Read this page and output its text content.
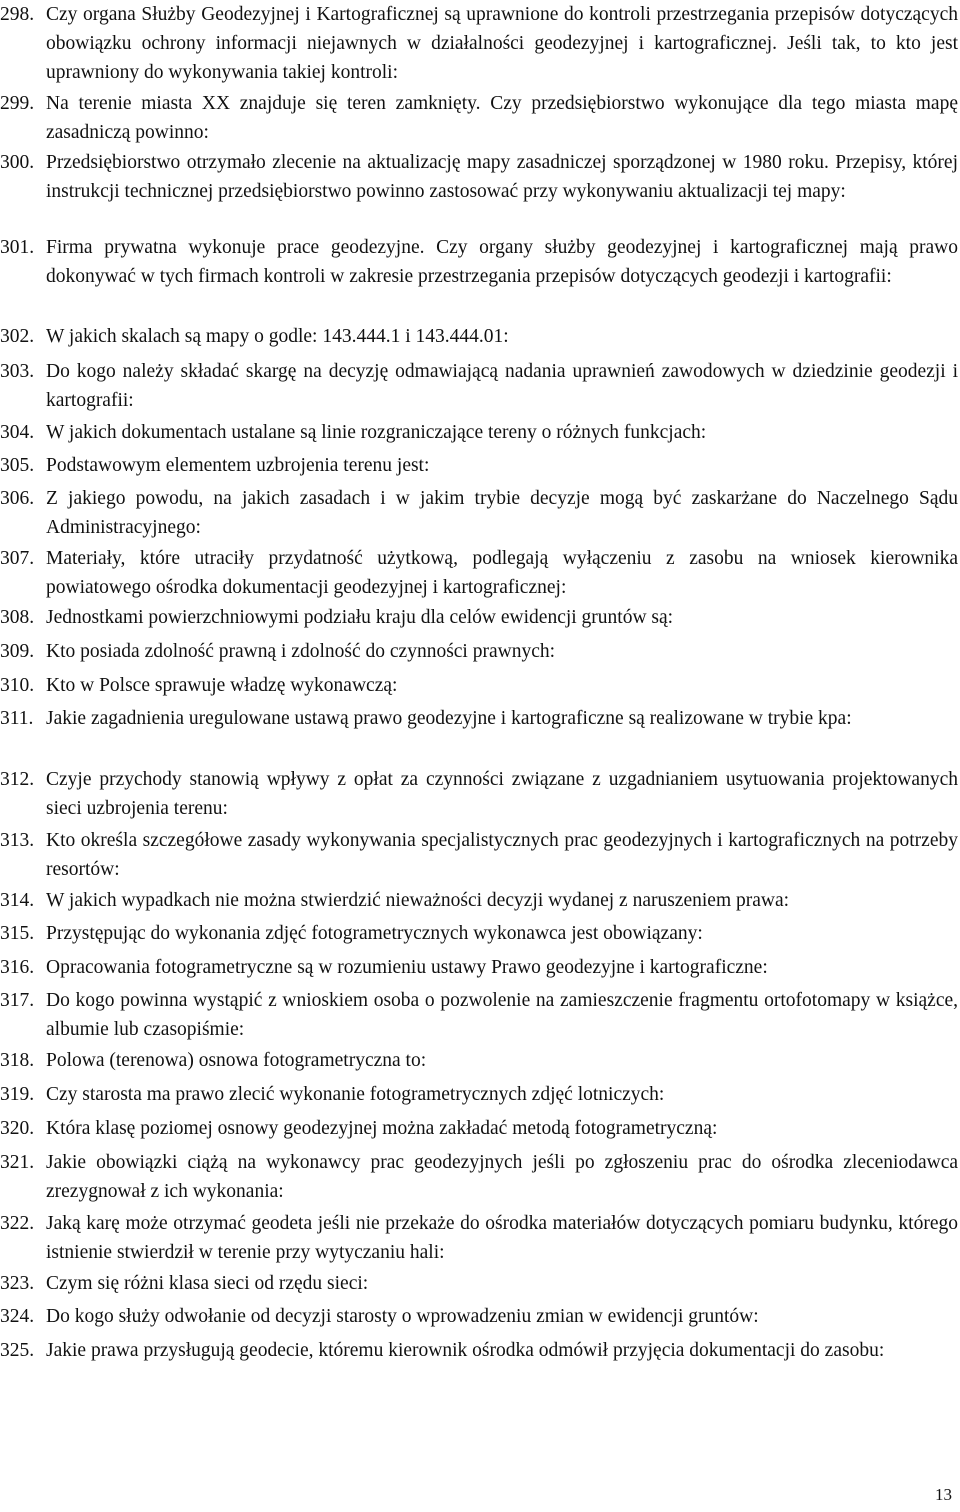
298. Czy organa Służby Geodezyjnej i Kartograficznej są uprawnione do kontroli przestrzegania przepisów dotyczących obowiązku ochrony informacji niejawnych w działalności geodezyjnej i kartograficznej. Jeśli tak, to kto jest uprawniony do wykonywania takiej kontroli:
299. Na terenie miasta XX znajduje się teren zamknięty. Czy przedsiębiorstwo wykonujące dla tego miasta mapę zasadniczą powinno:
300. Przedsiębiorstwo otrzymało zlecenie na aktualizację mapy zasadniczej sporządzonej w 1980 roku. Przepisy, której instrukcji technicznej przedsiębiorstwo powinno zastosować przy wykonywaniu aktualizacji tej mapy:
301. Firma prywatna wykonuje prace geodezyjne. Czy organy służby geodezyjnej i kartograficznej mają prawo dokonywać w tych firmach kontroli w zakresie przestrzegania przepisów dotyczących geodezji i kartografii:
302. W jakich skalach są mapy o godle: 143.444.1 i 143.444.01:
303. Do kogo należy składać skargę na decyzję odmawiającą nadania uprawnień zawodowych w dziedzinie geodezji i kartografii:
304. W jakich dokumentach ustalane są linie rozgraniczające tereny o różnych funkcjach:
305. Podstawowym elementem uzbrojenia terenu jest:
306. Z jakiego powodu, na jakich zasadach i w jakim trybie decyzje mogą być zaskarżane do Naczelnego Sądu Administracyjnego:
307. Materiały, które utraciły przydatność użytkową, podlegają wyłączeniu z zasobu na wniosek kierownika powiatowego ośrodka dokumentacji geodezyjnej i kartograficznej:
308. Jednostkami powierzchniowymi podziału kraju dla celów ewidencji gruntów są:
309. Kto posiada zdolność prawną i zdolność do czynności prawnych:
310. Kto w Polsce sprawuje władzę wykonawczą:
311. Jakie zagadnienia uregulowane ustawą prawo geodezyjne i kartograficzne są realizowane w trybie kpa:
312. Czyje przychody stanowią wpływy z opłat za czynności związane z uzgadnianiem usytuowania projektowanych sieci uzbrojenia terenu:
313. Kto określa szczegółowe zasady wykonywania specjalistycznych prac geodezyjnych i kartograficznych na potrzeby resortów:
314. W jakich wypadkach nie można stwierdzić nieważności decyzji wydanej z naruszeniem prawa:
315. Przystępując do wykonania zdjęć fotogrametrycznych wykonawca jest obowiązany:
316. Opracowania fotogrametryczne są w rozumieniu ustawy Prawo geodezyjne i kartograficzne:
317. Do kogo powinna wystąpić z wnioskiem osoba o pozwolenie na zamieszczenie fragmentu ortofotomapy w książce, albumie lub czasopiśmie:
318. Polowa (terenowa) osnowa fotogrametryczna to:
319. Czy starosta ma prawo zlecić wykonanie fotogrametrycznych zdjęć lotniczych:
320. Która klasę poziomej osnowy geodezyjnej można zakładać metodą fotogrametryczną:
321. Jakie obowiązki ciążą na wykonawcy prac geodezyjnych jeśli po zgłoszeniu prac do ośrodka zleceniodawca zrezygnował z ich wykonania:
322. Jaką karę może otrzymać geodeta jeśli nie przekaże do ośrodka materiałów dotyczących pomiaru budynku, którego istnienie stwierdził w terenie przy wytyczaniu hali:
323. Czym się różni klasa sieci od rzędu sieci:
324. Do kogo służy odwołanie od decyzji starosty o wprowadzeniu zmian w ewidencji gruntów:
325. Jakie prawa przysługują geodecie, któremu kierownik ośrodka odmówił przyjęcia dokumentacji do zasobu:
13
